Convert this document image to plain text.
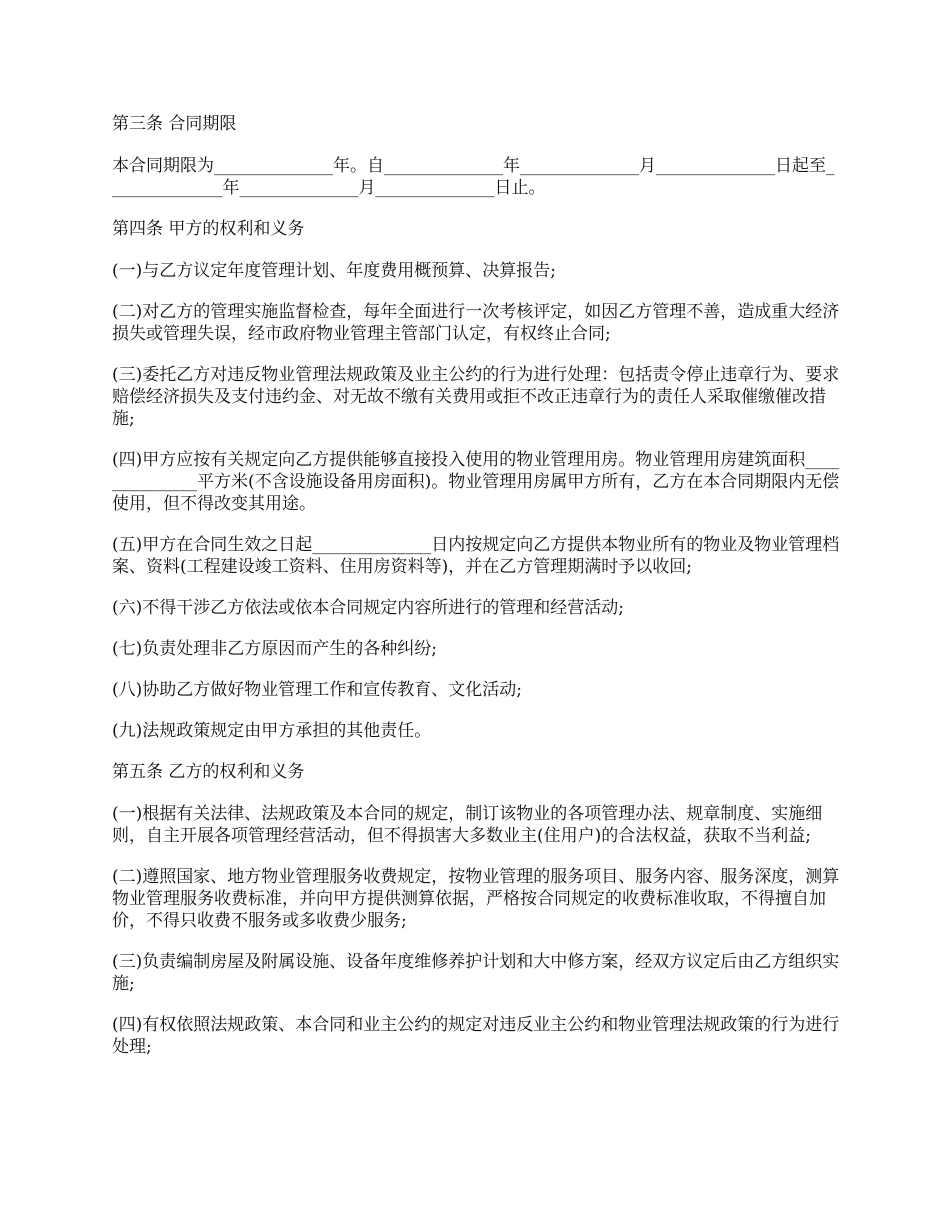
第三条 合同期限

本合同期限为______________年。自______________年______________月______________日起至______________年______________月______________日止。

第四条 甲方的权利和义务

(一)与乙方议定年度管理计划、年度费用概预算、决算报告;

(二)对乙方的管理实施监督检查，每年全面进行一次考核评定，如因乙方管理不善，造成重大经济损失或管理失误，经市政府物业管理主管部门认定，有权终止合同;

(三)委托乙方对违反物业管理法规政策及业主公约的行为进行处理：包括责令停止违章行为、要求赔偿经济损失及支付违约金、对无故不缴有关费用或拒不改正违章行为的责任人采取催缴催改措施;

(四)甲方应按有关规定向乙方提供能够直接投入使用的物业管理用房。物业管理用房建筑面积______________平方米(不含设施设备用房面积)。物业管理用房属甲方所有，乙方在本合同期限内无偿使用，但不得改变其用途。

(五)甲方在合同生效之日起______________日内按规定向乙方提供本物业所有的物业及物业管理档案、资料(工程建设竣工资料、住用房资料等)，并在乙方管理期满时予以收回;

(六)不得干涉乙方依法或依本合同规定内容所进行的管理和经营活动;

(七)负责处理非乙方原因而产生的各种纠纷;

(八)协助乙方做好物业管理工作和宣传教育、文化活动;

(九)法规政策规定由甲方承担的其他责任。

第五条 乙方的权利和义务

(一)根据有关法律、法规政策及本合同的规定，制订该物业的各项管理办法、规章制度、实施细则，自主开展各项管理经营活动，但不得损害大多数业主(住用户)的合法权益，获取不当利益;

(二)遵照国家、地方物业管理服务收费规定，按物业管理的服务项目、服务内容、服务深度，测算物业管理服务收费标准，并向甲方提供测算依据，严格按合同规定的收费标准收取，不得擅自加价，不得只收费不服务或多收费少服务;

(三)负责编制房屋及附属设施、设备年度维修养护计划和大中修方案，经双方议定后由乙方组织实施;

(四)有权依照法规政策、本合同和业主公约的规定对违反业主公约和物业管理法规政策的行为进行处理;
